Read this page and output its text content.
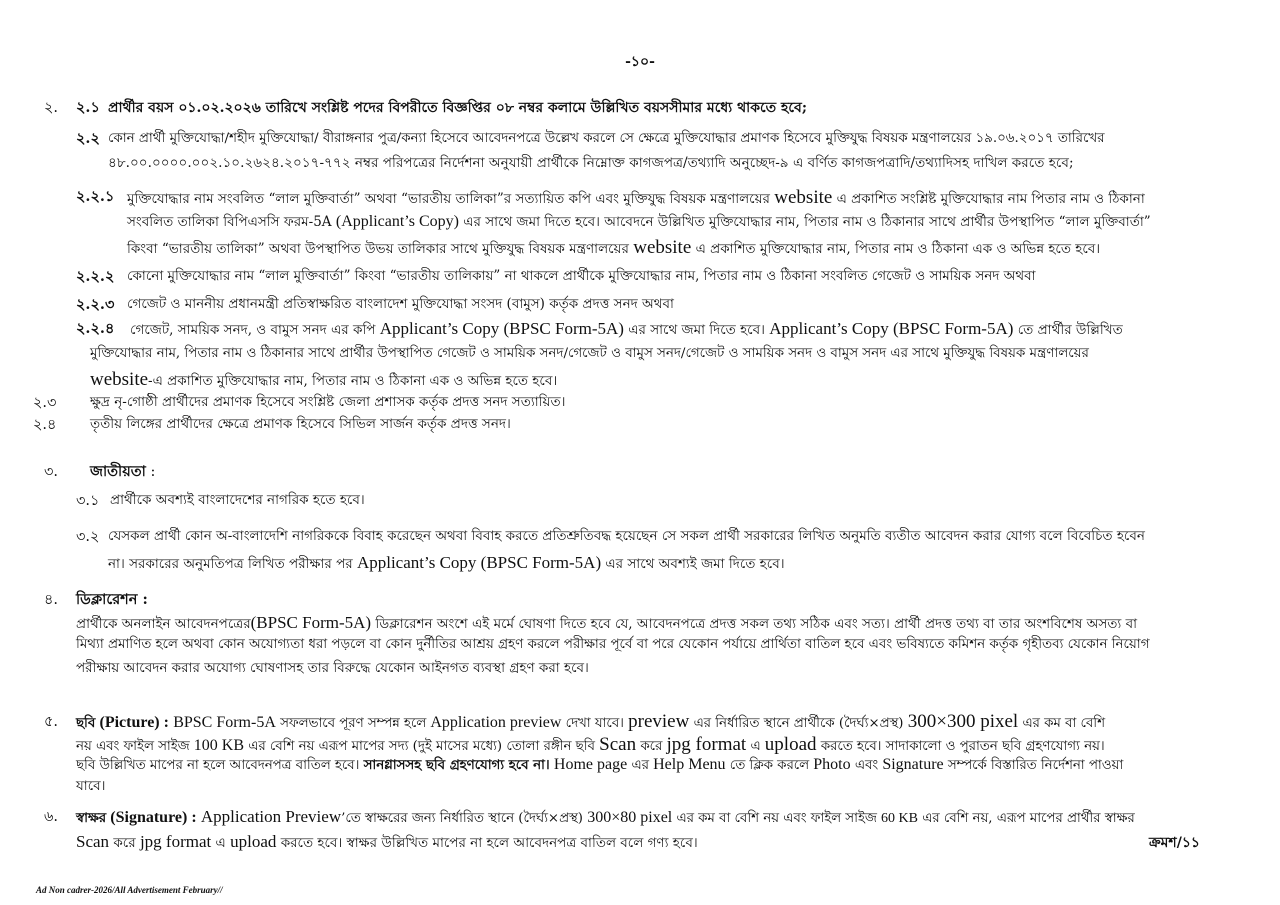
-১০-
২. ২.১ প্রার্থীর বয়স ০১.০২.২০২৬ তারিখে সংশ্লিষ্ট পদের বিপরীতে বিজ্ঞপ্তির ০৮ নম্বর কলামে উল্লিখিত বয়সসীমার মধ্যে থাকতে হবে;
২.২ কোন প্রার্থী মুক্তিযোদ্ধা/শহীদ মুক্তিযোদ্ধা/ বীরাঙ্গনার পুত্র/কন্যা হিসেবে আবেদনপত্রে উল্লেখ করলে সে ক্ষেত্রে মুক্তিযোদ্ধার প্রমাণক হিসেবে মুক্তিযুদ্ধ বিষয়ক মন্ত্রণালয়ের ১৯.০৬.২০১৭ তারিখের
৪৮.০০.০০০০.০০২.১০.২৬২৪.২০১৭-৭৭২ নম্বর পরিপত্রের নির্দেশনা অনুযায়ী প্রার্থীকে নিম্নোক্ত কাগজপত্র/তথ্যাদি অনুচ্ছেদ-৯ এ বর্ণিত কাগজপত্রাদি/তথ্যাদিসহ দাখিল করতে হবে;
২.২.১ মুক্তিযোদ্ধার নাম সংবলিত “লাল মুক্তিবার্তা” অথবা “ভারতীয় তালিকা”র সত্যায়িত কপি এবং মুক্তিযুদ্ধ বিষয়ক মন্ত্রণালয়ের website এ প্রকাশিত সংশ্লিষ্ট মুক্তিযোদ্ধার নাম পিতার নাম ও ঠিকানা
সংবলিত তালিকা বিপিএসসি ফরম-5A (Applicant’s Copy) এর সাথে জমা দিতে হবে। আবেদনে উল্লিখিত মুক্তিযোদ্ধার নাম, পিতার নাম ও ঠিকানার সাথে প্রার্থীর উপস্থাপিত “লাল মুক্তিবার্তা”
কিংবা “ভারতীয় তালিকা” অথবা উপস্থাপিত উভয় তালিকার সাথে মুক্তিযুদ্ধ বিষয়ক মন্ত্রণালয়ের website এ প্রকাশিত মুক্তিযোদ্ধার নাম, পিতার নাম ও ঠিকানা এক ও অভিন্ন হতে হবে।
২.২.২ কোনো মুক্তিযোদ্ধার নাম “লাল মুক্তিবার্তা” কিংবা “ভারতীয় তালিকায়” না থাকলে প্রার্থীকে মুক্তিযোদ্ধার নাম, পিতার নাম ও ঠিকানা সংবলিত গেজেট ও সাময়িক সনদ অথবা
২.২.৩ গেজেট ও মাননীয় প্রধানমন্ত্রী প্রতিস্বাক্ষরিত বাংলাদেশ মুক্তিযোদ্ধা সংসদ (বামুস) কর্তৃক প্রদত্ত সনদ অথবা
২.২.৪ গেজেট, সাময়িক সনদ, ও বামুস সনদ এর কপি Applicant’s Copy (BPSC Form-5A) এর সাথে জমা দিতে হবে। Applicant’s Copy (BPSC Form-5A) তে প্রার্থীর উল্লিখিত
মুক্তিযোদ্ধার নাম, পিতার নাম ও ঠিকানার সাথে প্রার্থীর উপস্থাপিত গেজেট ও সাময়িক সনদ/গেজেট ও বামুস সনদ/গেজেট ও সাময়িক সনদ ও বামুস সনদ এর সাথে মুক্তিযুদ্ধ বিষয়ক মন্ত্রণালয়ের
website-এ প্রকাশিত মুক্তিযোদ্ধার নাম, পিতার নাম ও ঠিকানা এক ও অভিন্ন হতে হবে।
২.৩ ক্ষুদ্র নৃ-গোষ্ঠী প্রার্থীদের প্রমাণক হিসেবে সংশ্লিষ্ট জেলা প্রশাসক কর্তৃক প্রদত্ত সনদ সত্যায়িত।
২.৪ তৃতীয় লিঙ্গের প্রার্থীদের ক্ষেত্রে প্রমাণক হিসেবে সিভিল সার্জন কর্তৃক প্রদত্ত সনদ।
৩. জাতীয়তা :
৩.১ প্রার্থীকে অবশ্যই বাংলাদেশের নাগরিক হতে হবে।
৩.২ যেসকল প্রার্থী কোন অ-বাংলাদেশি নাগরিককে বিবাহ করেছেন অথবা বিবাহ করতে প্রতিশ্রুতিবদ্ধ হয়েছেন সে সকল প্রার্থী সরকারের লিখিত অনুমতি ব্যতীত আবেদন করার যোগ্য বলে বিবেচিত হবেন
না। সরকারের অনুমতিপত্র লিখিত পরীক্ষার পর Applicant’s Copy (BPSC Form-5A) এর সাথে অবশ্যই জমা দিতে হবে।
৪. ডিক্লারেশন :
প্রার্থীকে অনলাইন আবেদনপত্রের(BPSC Form-5A) ডিক্লারেশন অংশে এই মর্মে ঘোষণা দিতে হবে যে, আবেদনপত্রে প্রদত্ত সকল তথ্য সঠিক এবং সত্য। প্রার্থী প্রদত্ত তথ্য বা তার অংশবিশেষ অসত্য বা
মিথ্যা প্রমাণিত হলে অথবা কোন অযোগ্যতা ধরা পড়লে বা কোন দুর্নীতির আশ্রয় গ্রহণ করলে পরীক্ষার পূর্বে বা পরে যেকোন পর্যায়ে প্রার্থিতা বাতিল হবে এবং ভবিষ্যতে কমিশন কর্তৃক গৃহীতব্য যেকোন নিয়োগ
পরীক্ষায় আবেদন করার অযোগ্য ঘোষণাসহ তার বিরুদ্ধে যেকোন আইনগত ব্যবস্থা গ্রহণ করা হবে।
৫. ছবি (Picture) : BPSC Form-5A সফলভাবে পূরণ সম্পন্ন হলে Application preview দেখা যাবে। preview এর নির্ধারিত স্থানে প্রার্থীকে (দৈর্ঘ্য×প্রস্থ) 300×300 pixel এর কম বা বেশি
নয় এবং ফাইল সাইজ 100 KB এর বেশি নয় এরূপ মাপের সদ্য (দুই মাসের মধ্যে) তোলা রঙ্গীন ছবি Scan করে jpg format এ upload করতে হবে। সাদাকালো ও পুরাতন ছবি গ্রহণযোগ্য নয়।
ছবি উল্লিখিত মাপের না হলে আবেদনপত্র বাতিল হবে। সানগ্লাসসহ ছবি গ্রহণযোগ্য হবে না। Home page এর Help Menu তে ক্লিক করলে Photo এবং Signature সম্পর্কে বিস্তারিত নির্দেশনা পাওয়া
যাবে।
৬. স্বাক্ষর (Signature) : Application Preview’তে স্বাক্ষরের জন্য নির্ধারিত স্থানে (দৈর্ঘ্য×প্রস্থ) 300×80 pixel এর কম বা বেশি নয় এবং ফাইল সাইজ 60 KB এর বেশি নয়, এরূপ মাপের প্রার্থীর স্বাক্ষর
Scan করে jpg format এ upload করতে হবে। স্বাক্ষর উল্লিখিত মাপের না হলে আবেদনপত্র বাতিল বলে গণ্য হবে।	ক্রমশ/১১
Ad Non cadrer-2026/All Advertisement February//
